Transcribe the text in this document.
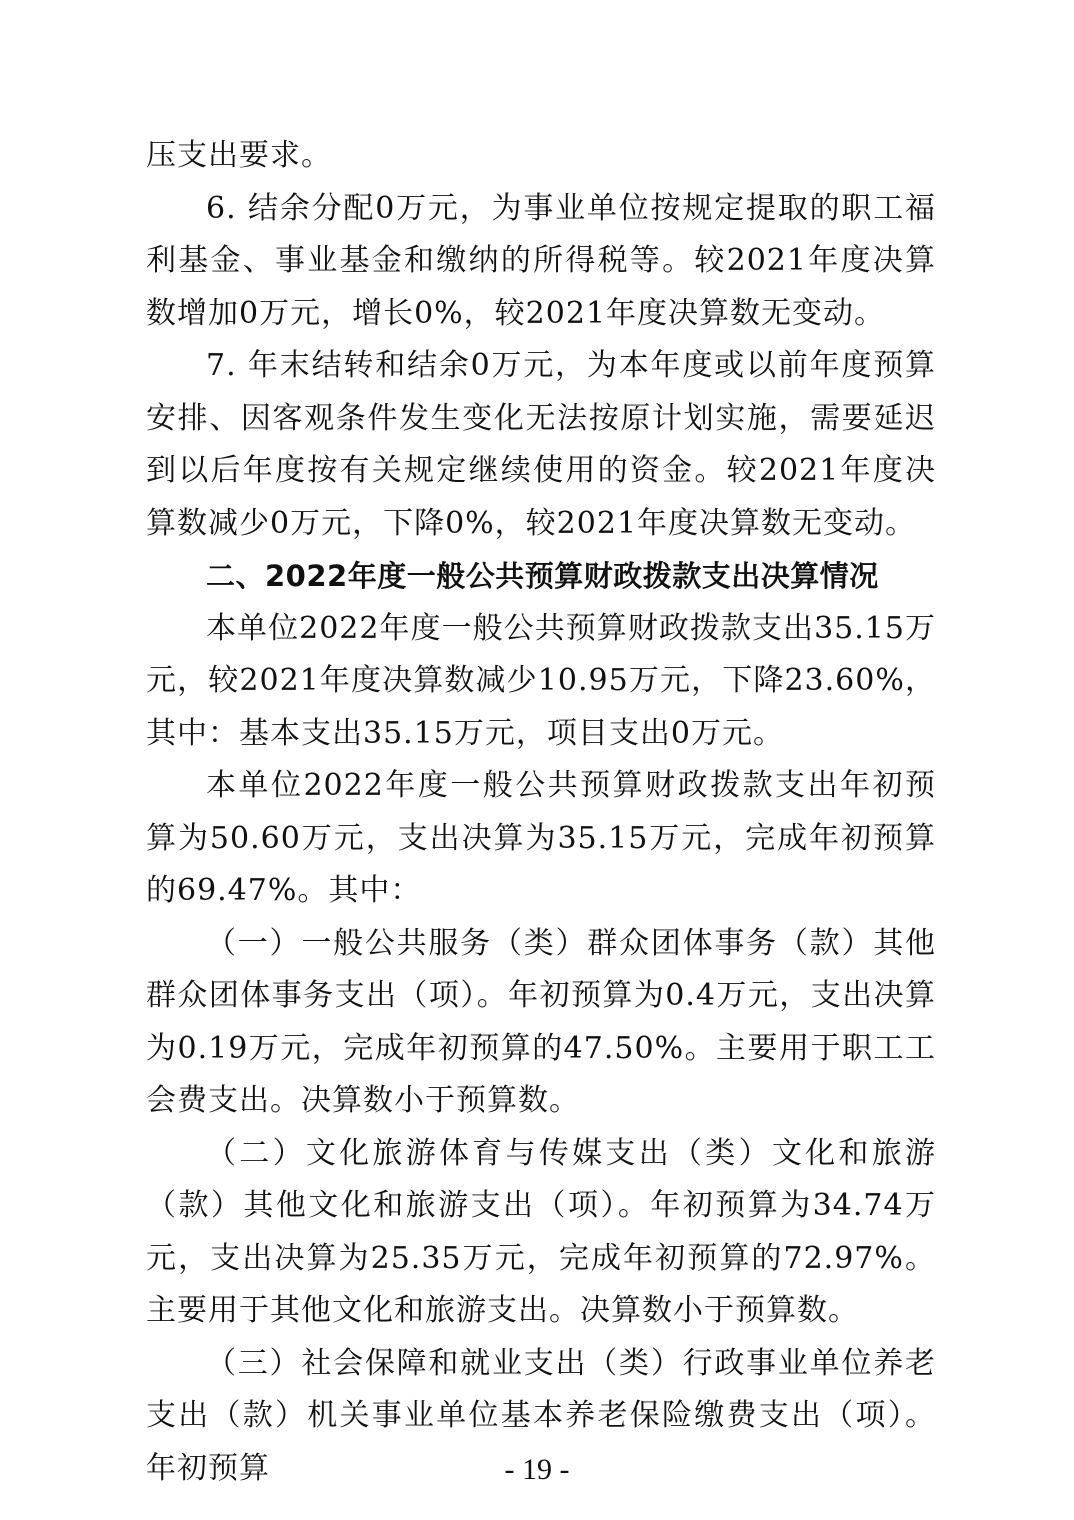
压支出要求。

6. 结余分配0万元，为事业单位按规定提取的职工福利基金、事业基金和缴纳的所得税等。较2021年度决算数增加0万元，增长0%，较2021年度决算数无变动。

7. 年末结转和结余0万元，为本年度或以前年度预算安排、因客观条件发生变化无法按原计划实施，需要延迟到以后年度按有关规定继续使用的资金。较2021年度决算数减少0万元，下降0%，较2021年度决算数无变动。

二、2022年度一般公共预算财政拨款支出决算情况

本单位2022年度一般公共预算财政拨款支出35.15万元，较2021年度决算数减少10.95万元，下降23.60%，其中：基本支出35.15万元，项目支出0万元。

本单位2022年度一般公共预算财政拨款支出年初预算为50.60万元，支出决算为35.15万元，完成年初预算的69.47%。其中：

（一）一般公共服务（类）群众团体事务（款）其他群众团体事务支出（项）。年初预算为0.4万元，支出决算为0.19万元，完成年初预算的47.50%。主要用于职工工会费支出。决算数小于预算数。

（二）文化旅游体育与传媒支出（类）文化和旅游（款）其他文化和旅游支出（项）。年初预算为34.74万元，支出决算为25.35万元，完成年初预算的72.97%。主要用于其他文化和旅游支出。决算数小于预算数。

（三）社会保障和就业支出（类）行政事业单位养老支出（款）机关事业单位基本养老保险缴费支出（项）。年初预算	- 19 -
